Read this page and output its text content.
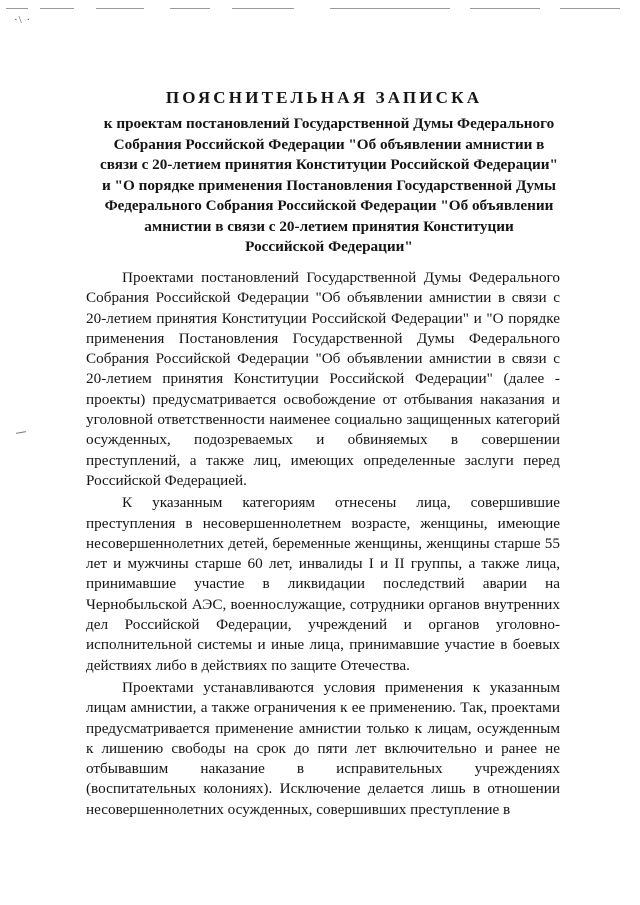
·\ ·
ПОЯСНИТЕЛЬНАЯ ЗАПИСКА
к проектам постановлений Государственной Думы Федерального
Собрания Российской Федерации "Об объявлении амнистии в
связи с 20-летием принятия Конституции Российской Федерации"
и "О порядке применения Постановления Государственной Думы
Федерального Собрания Российской Федерации "Об объявлении
амнистии в связи с 20-летием принятия Конституции
Российской Федерации"

Проектами постановлений Государственной Думы Федерального Собрания Российской Федерации "Об объявлении амнистии в связи с 20-летием принятия Конституции Российской Федерации" и "О порядке применения Постановления Государственной Думы Федерального Собрания Российской Федерации "Об объявлении амнистии в связи с 20-летием принятия Конституции Российской Федерации" (далее - проекты) предусматривается освобождение от отбывания наказания и уголовной ответственности наименее социально защищенных категорий осужденных, подозреваемых и обвиняемых в совершении преступлений, а также лиц, имеющих определенные заслуги перед Российской Федерацией.

К указанным категориям отнесены лица, совершившие преступления в несовершеннолетнем возрасте, женщины, имеющие несовершеннолетних детей, беременные женщины, женщины старше 55 лет и мужчины старше 60 лет, инвалиды I и II группы, а также лица, принимавшие участие в ликвидации последствий аварии на Чернобыльской АЭС, военнослужащие, сотрудники органов внутренних дел Российской Федерации, учреждений и органов уголовно-исполнительной системы и иные лица, принимавшие участие в боевых действиях либо в действиях по защите Отечества.

Проектами устанавливаются условия применения к указанным лицам амнистии, а также ограничения к ее применению. Так, проектами предусматривается применение амнистии только к лицам, осужденным к лишению свободы на срок до пяти лет включительно и ранее не отбывавшим наказание в исправительных учреждениях (воспитательных колониях). Исключение делается лишь в отношении несовершеннолетних осужденных, совершивших преступление в
